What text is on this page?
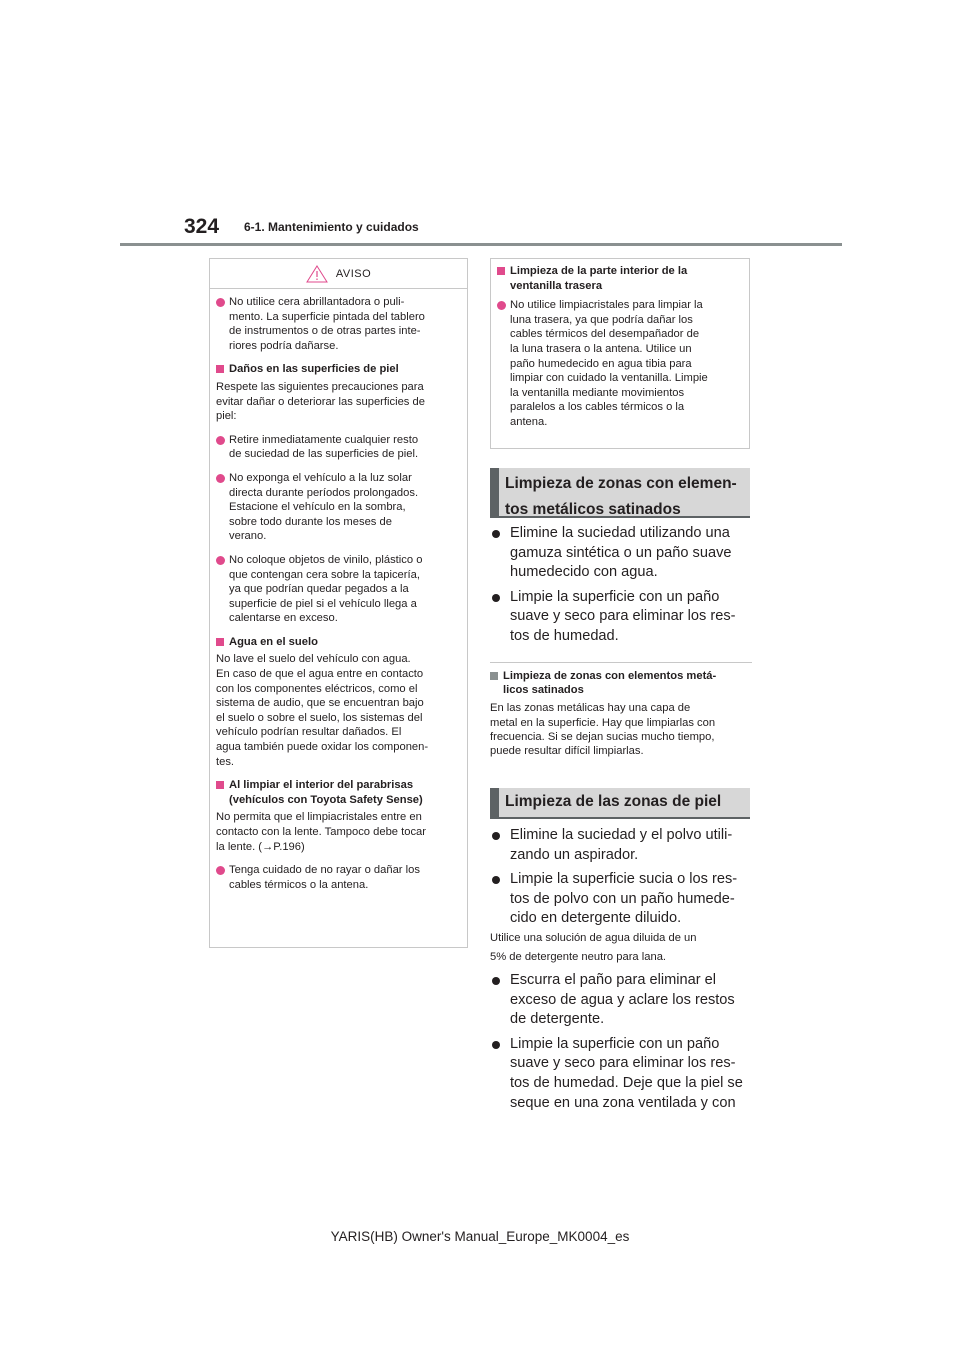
324 6-1. Mantenimiento y cuidados
AVISO
No utilice cera abrillantadora o puli-
mento. La superficie pintada del tablero
de instrumentos o de otras partes inte-
riores podría dañarse.
Daños en las superficies de piel
Respete las siguientes precauciones para
evitar dañar o deteriorar las superficies de
piel:
Retire inmediatamente cualquier resto
de suciedad de las superficies de piel.
No exponga el vehículo a la luz solar
directa durante períodos prolongados.
Estacione el vehículo en la sombra,
sobre todo durante los meses de
verano.
No coloque objetos de vinilo, plástico o
que contengan cera sobre la tapicería,
ya que podrían quedar pegados a la
superficie de piel si el vehículo llega a
calentarse en exceso.
Agua en el suelo
No lave el suelo del vehículo con agua.
En caso de que el agua entre en contacto
con los componentes eléctricos, como el
sistema de audio, que se encuentran bajo
el suelo o sobre el suelo, los sistemas del
vehículo podrían resultar dañados. El
agua también puede oxidar los componen-
tes.
Al limpiar el interior del parabrisas
(vehículos con Toyota Safety Sense)
No permita que el limpiacristales entre en
contacto con la lente. Tampoco debe tocar
la lente. (→P.196)
Tenga cuidado de no rayar o dañar los
cables térmicos o la antena.
Limpieza de la parte interior de la
ventanilla trasera
No utilice limpiacristales para limpiar la
luna trasera, ya que podría dañar los
cables térmicos del desempañador de
la luna trasera o la antena. Utilice un
paño humedecido en agua tibia para
limpiar con cuidado la ventanilla. Limpie
la ventanilla mediante movimientos
paralelos a los cables térmicos o la
antena.
Limpieza de zonas con elemen-
tos metálicos satinados
Elimine la suciedad utilizando una
gamuza sintética o un paño suave
humedecido con agua.
Limpie la superficie con un paño
suave y seco para eliminar los res-
tos de humedad.
Limpieza de zonas con elementos metá-
licos satinados
En las zonas metálicas hay una capa de
metal en la superficie. Hay que limpiarlas con
frecuencia. Si se dejan sucias mucho tiempo,
puede resultar difícil limpiarlas.
Limpieza de las zonas de piel
Elimine la suciedad y el polvo utili-
zando un aspirador.
Limpie la superficie sucia o los res-
tos de polvo con un paño humede-
cido en detergente diluido.
Utilice una solución de agua diluida de un
5% de detergente neutro para lana.
Escurra el paño para eliminar el
exceso de agua y aclare los restos
de detergente.
Limpie la superficie con un paño
suave y seco para eliminar los res-
tos de humedad. Deje que la piel se
seque en una zona ventilada y con
YARIS(HB) Owner's Manual_Europe_MK0004_es
